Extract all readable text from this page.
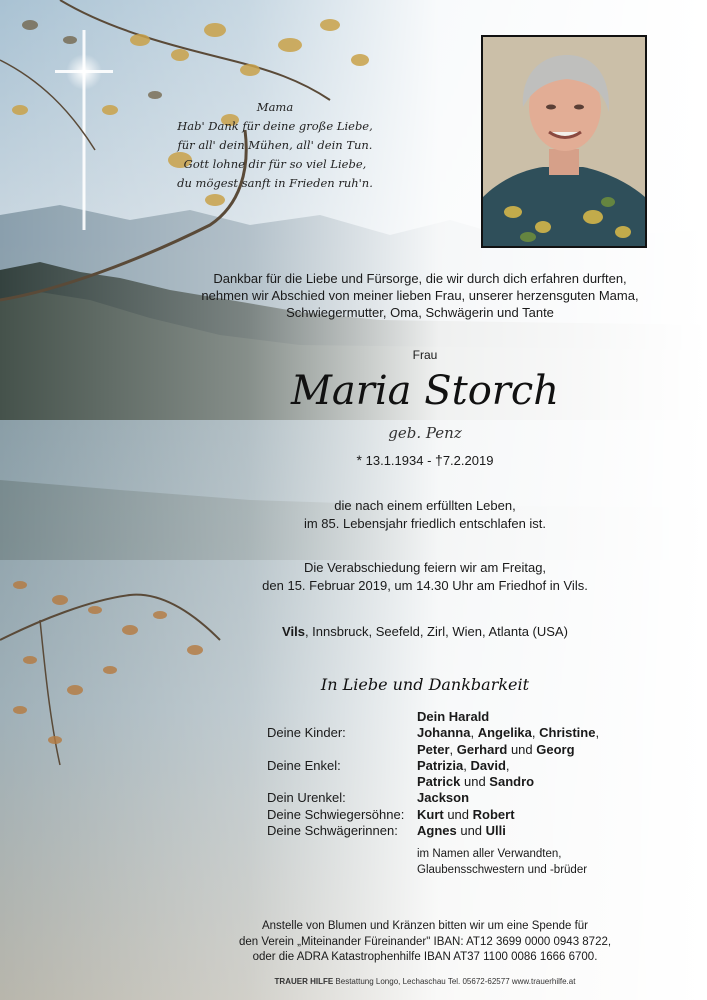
Mama
Hab' Dank für deine große Liebe,
für all' dein Mühen, all' dein Tun.
Gott lohne dir für so viel Liebe,
du mögest sanft in Frieden ruh'n.
Dankbar für die Liebe und Fürsorge, die wir durch dich erfahren durften,
nehmen wir Abschied von meiner lieben Frau, unserer herzensguten Mama,
Schwiegermutter, Oma, Schwägerin und Tante
Frau
Maria Storch
geb. Penz
* 13.1.1934 - †7.2.2019
die nach einem erfüllten Leben,
im 85. Lebensjahr friedlich entschlafen ist.
Die Verabschiedung feiern wir am Freitag,
den 15. Februar 2019, um 14.30 Uhr am Friedhof in Vils.
Vils, Innsbruck, Seefeld, Zirl, Wien, Atlanta (USA)
In Liebe und Dankbarkeit
Dein Harald
Deine Kinder:	Johanna, Angelika, Christine,
Peter, Gerhard und Georg
Deine Enkel:	Patrizia, David,
Patrick und Sandro
Dein Urenkel:	Jackson
Deine Schwiegersöhne: Kurt und Robert
Deine Schwägerinnen:	Agnes und Ulli
im Namen aller Verwandten,
Glaubensschwestern und -brüder
Anstelle von Blumen und Kränzen bitten wir um eine Spende für
den Verein „Miteinander Füreinander" IBAN: AT12 3699 0000 0943 8722,
oder die ADRA Katastrophenhilfe IBAN AT37 1100 0086 1666 6700.
TRAUER HILFE Bestattung Longo, Lechaschau Tel. 05672-62577 www.trauerhilfe.at
